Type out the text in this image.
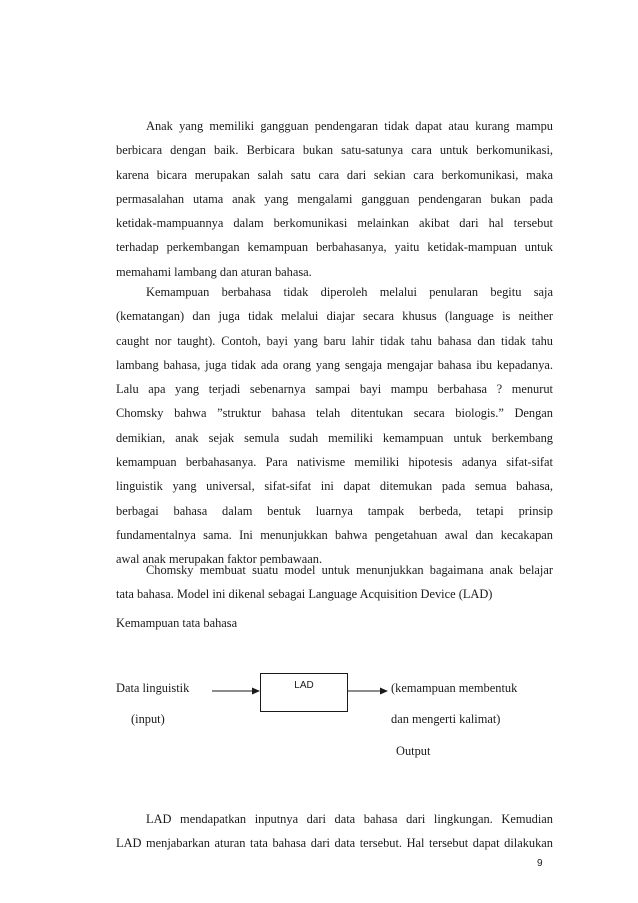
Anak yang memiliki gangguan pendengaran tidak dapat atau kurang mampu
berbicara dengan baik. Berbicara bukan satu-satunya cara untuk berkomunikasi,
karena bicara merupakan salah satu cara dari sekian cara berkomunikasi, maka
permasalahan utama anak yang mengalami gangguan pendengaran bukan pada
ketidak-mampuannya dalam berkomunikasi melainkan akibat dari hal tersebut
terhadap perkembangan kemampuan berbahasanya, yaitu ketidak-mampuan untuk
memahami lambang dan aturan bahasa.
Kemampuan berbahasa tidak diperoleh melalui penularan begitu saja
(kematangan) dan juga tidak melalui diajar secara khusus (language is neither
caught nor taught). Contoh, bayi yang baru lahir tidak tahu bahasa dan tidak tahu
lambang bahasa, juga tidak ada orang yang sengaja mengajar bahasa ibu kepadanya.
Lalu apa yang terjadi sebenarnya sampai bayi mampu berbahasa ? menurut
Chomsky bahwa ”struktur bahasa telah ditentukan secara biologis.” Dengan
demikian, anak sejak semula sudah memiliki kemampuan untuk berkembang
kemampuan berbahasanya. Para nativisme memiliki hipotesis adanya sifat-sifat
linguistik yang universal, sifat-sifat ini dapat ditemukan pada semua bahasa,
berbagai bahasa dalam bentuk luarnya tampak berbeda, tetapi prinsip
fundamentalnya sama. Ini menunjukkan bahwa pengetahuan awal dan kecakapan
awal anak merupakan faktor pembawaan.
Chomsky membuat suatu model untuk menunjukkan bagaimana anak belajar
tata bahasa. Model ini dikenal sebagai Language Acquisition Device (LAD)
Kemampuan tata bahasa
Data linguistik
(input)
LAD	(kemampuan membentuk
dan mengerti kalimat)
Output
LAD mendapatkan inputnya dari data bahasa dari lingkungan. Kemudian
LAD menjabarkan aturan tata bahasa dari data tersebut. Hal tersebut dapat dilakukan
9
